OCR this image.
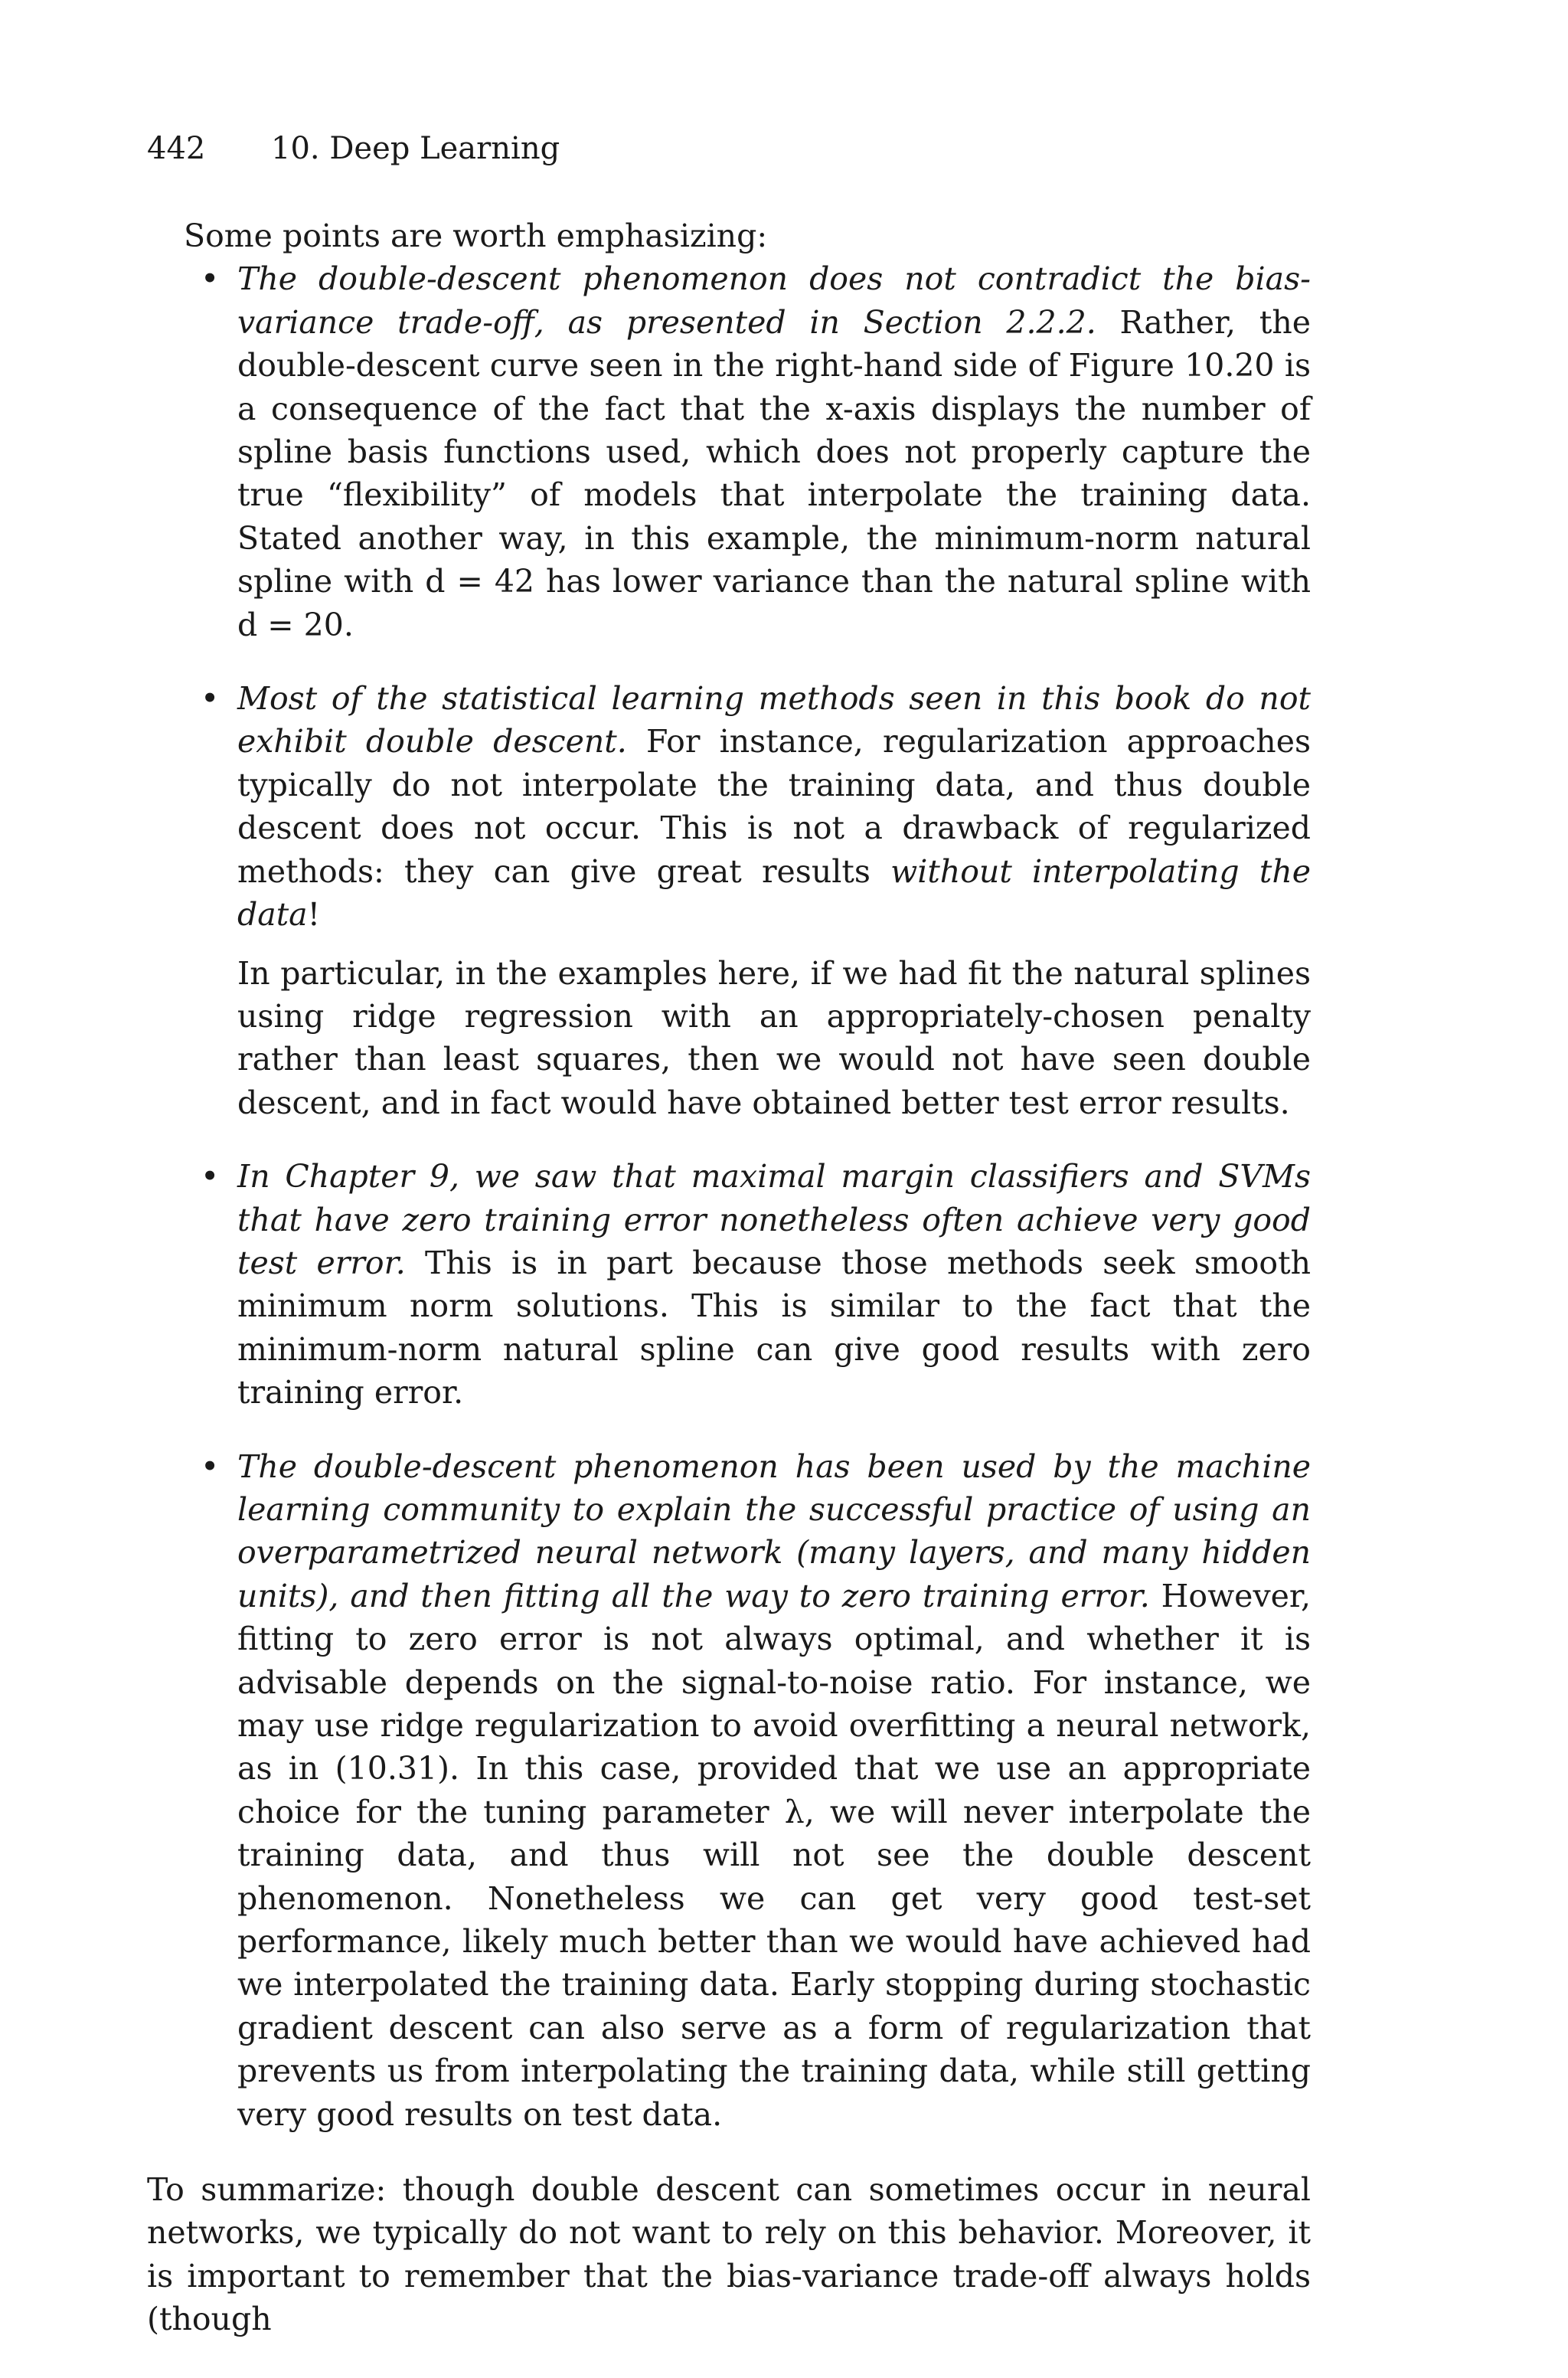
442 10. Deep Learning

Some points are worth emphasizing:

• The double-descent phenomenon does not contradict the bias-variance trade-off, as presented in Section 2.2.2. Rather, the double-descent curve seen in the right-hand side of Figure 10.20 is a consequence of the fact that the x-axis displays the number of spline basis functions used, which does not properly capture the true “flexibility” of models that interpolate the training data. Stated another way, in this example, the minimum-norm natural spline with d = 42 has lower variance than the natural spline with d = 20.

• Most of the statistical learning methods seen in this book do not exhibit double descent. For instance, regularization approaches typically do not interpolate the training data, and thus double descent does not occur. This is not a drawback of regularized methods: they can give great results without interpolating the data!

In particular, in the examples here, if we had fit the natural splines using ridge regression with an appropriately-chosen penalty rather than least squares, then we would not have seen double descent, and in fact would have obtained better test error results.

• In Chapter 9, we saw that maximal margin classifiers and SVMs that have zero training error nonetheless often achieve very good test error. This is in part because those methods seek smooth minimum norm solutions. This is similar to the fact that the minimum-norm natural spline can give good results with zero training error.

• The double-descent phenomenon has been used by the machine learning community to explain the successful practice of using an overparametrized neural network (many layers, and many hidden units), and then fitting all the way to zero training error. However, fitting to zero error is not always optimal, and whether it is advisable depends on the signal-to-noise ratio. For instance, we may use ridge regularization to avoid overfitting a neural network, as in (10.31). In this case, provided that we use an appropriate choice for the tuning parameter λ, we will never interpolate the training data, and thus will not see the double descent phenomenon. Nonetheless we can get very good test-set performance, likely much better than we would have achieved had we interpolated the training data. Early stopping during stochastic gradient descent can also serve as a form of regularization that prevents us from interpolating the training data, while still getting very good results on test data.

To summarize: though double descent can sometimes occur in neural networks, we typically do not want to rely on this behavior. Moreover, it is important to remember that the bias-variance trade-off always holds (though
